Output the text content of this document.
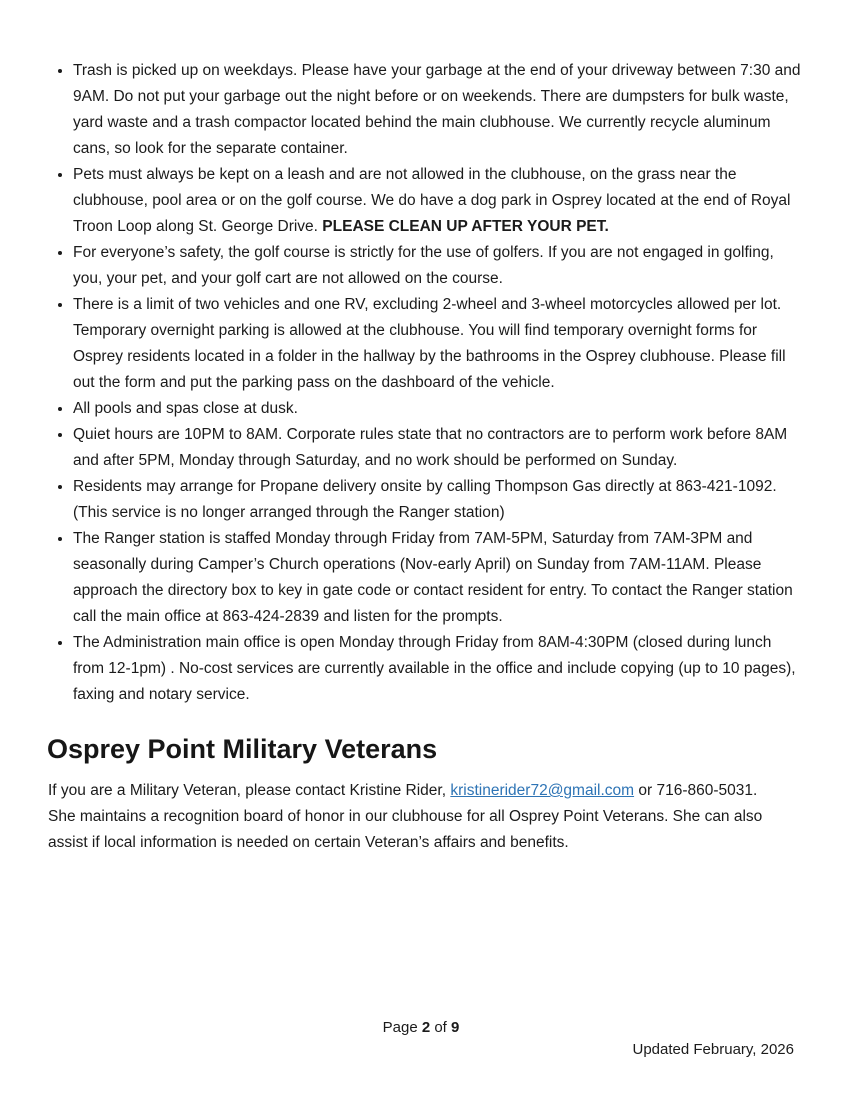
• Trash is picked up on weekdays. Please have your garbage at the end of your driveway between 7:30 and 9AM. Do not put your garbage out the night before or on weekends. There are dumpsters for bulk waste, yard waste and a trash compactor located behind the main clubhouse. We currently recycle aluminum cans, so look for the separate container.
• Pets must always be kept on a leash and are not allowed in the clubhouse, on the grass near the clubhouse, pool area or on the golf course. We do have a dog park in Osprey located at the end of Royal Troon Loop along St. George Drive. PLEASE CLEAN UP AFTER YOUR PET.
• For everyone’s safety, the golf course is strictly for the use of golfers. If you are not engaged in golfing, you, your pet, and your golf cart are not allowed on the course.
• There is a limit of two vehicles and one RV, excluding 2-wheel and 3-wheel motorcycles allowed per lot. Temporary overnight parking is allowed at the clubhouse. You will find temporary overnight forms for Osprey residents located in a folder in the hallway by the bathrooms in the Osprey clubhouse. Please fill out the form and put the parking pass on the dashboard of the vehicle.
• All pools and spas close at dusk.
• Quiet hours are 10PM to 8AM. Corporate rules state that no contractors are to perform work before 8AM and after 5PM, Monday through Saturday, and no work should be performed on Sunday.
• Residents may arrange for Propane delivery onsite by calling Thompson Gas directly at 863-421-1092. (This service is no longer arranged through the Ranger station)
• The Ranger station is staffed Monday through Friday from 7AM-5PM, Saturday from 7AM-3PM and seasonally during Camper’s Church operations (Nov-early April) on Sunday from 7AM-11AM. Please approach the directory box to key in gate code or contact resident for entry. To contact the Ranger station call the main office at 863-424-2839 and listen for the prompts.
• The Administration main office is open Monday through Friday from 8AM-4:30PM (closed during lunch from 12-1pm) . No-cost services are currently available in the office and include copying (up to 10 pages), faxing and notary service.
Osprey Point Military Veterans

If you are a Military Veteran, please contact Kristine Rider, kristinerider72@gmail.com or 716-860-5031. She maintains a recognition board of honor in our clubhouse for all Osprey Point Veterans. She can also assist if local information is needed on certain Veteran’s affairs and benefits.

Page 2 of 9
Updated February, 2026
